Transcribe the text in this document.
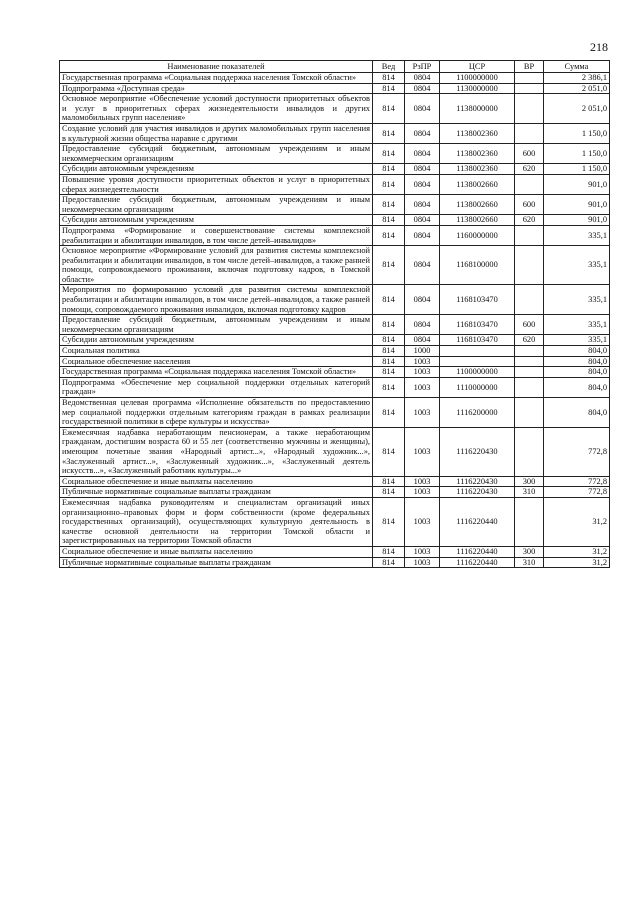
218
Наименование показателей	Вед	РзПР	ЦСР	ВР	Сумма
Государственная программа «Социальная поддержка населения Томской области»	814	0804	1100000000		2 386,1
Подпрограмма «Доступная среда»	814	0804	1130000000		2 051,0
Основное мероприятие «Обеспечение условий доступности приоритетных объектов и услуг в приоритетных сферах жизнедеятельности инвалидов и других маломобильных групп населения»	814	0804	1138000000		2 051,0
Создание условий для участия инвалидов и других маломобильных групп населения в культурной жизни общества наравне с другими	814	0804	1138002360		1 150,0
Предоставление субсидий бюджетным, автономным учреждениям и иным некоммерческим организациям	814	0804	1138002360	600	1 150,0
Субсидии автономным учреждениям	814	0804	1138002360	620	1 150,0
Повышение уровня доступности приоритетных объектов и услуг в приоритетных сферах жизнедеятельности	814	0804	1138002660		901,0
Предоставление субсидий бюджетным, автономным учреждениям и иным некоммерческим организациям	814	0804	1138002660	600	901,0
Субсидии автономным учреждениям	814	0804	1138002660	620	901,0
Подпрограмма «Формирование и совершенствование системы комплексной реабилитации и абилитации инвалидов, в том числе детей–инвалидов»	814	0804	1160000000		335,1
Основное мероприятие «Формирование условий для развития системы комплексной реабилитации и абилитации инвалидов, в том числе детей–инвалидов, а также ранней помощи, сопровождаемого проживания, включая подготовку кадров, в Томской области»	814	0804	1168100000		335,1
Мероприятия по формированию условий для развития системы комплексной реабилитации и абилитации инвалидов, в том числе детей–инвалидов, а также ранней помощи, сопровождаемого проживания инвалидов, включая подготовку кадров	814	0804	1168103470		335,1
Предоставление субсидий бюджетным, автономным учреждениям и иным некоммерческим организациям	814	0804	1168103470	600	335,1
Субсидии автономным учреждениям	814	0804	1168103470	620	335,1
Социальная политика	814	1000			804,0
Социальное обеспечение населения	814	1003			804,0
Государственная программа «Социальная поддержка населения Томской области»	814	1003	1100000000		804,0
Подпрограмма «Обеспечение мер социальной поддержки отдельных категорий граждан»	814	1003	1110000000		804,0
Ведомственная целевая программа «Исполнение обязательств по предоставлению мер социальной поддержки отдельным категориям граждан в рамках реализации государственной политики в сфере культуры и искусства»	814	1003	1116200000		804,0
Ежемесячная надбавка неработающим пенсионерам, а также неработающим гражданам, достигшим возраста 60 и 55 лет (соответственно мужчины и женщины), имеющим почетные звания «Народный артист...», «Народный художник...», «Заслуженный артист...», «Заслуженный художник...», «Заслуженный деятель искусств...», «Заслуженный работник культуры...»	814	1003	1116220430		772,8
Социальное обеспечение и иные выплаты населению	814	1003	1116220430	300	772,8
Публичные нормативные социальные выплаты гражданам	814	1003	1116220430	310	772,8
Ежемесячная надбавка руководителям и специалистам организаций иных организационно–правовых форм и форм собственности (кроме федеральных государственных организаций), осуществляющих культурную деятельность в качестве основной деятельности на территории Томской области и зарегистрированных на территории Томской области	814	1003	1116220440		31,2
Социальное обеспечение и иные выплаты населению	814	1003	1116220440	300	31,2
Публичные нормативные социальные выплаты гражданам	814	1003	1116220440	310	31,2
